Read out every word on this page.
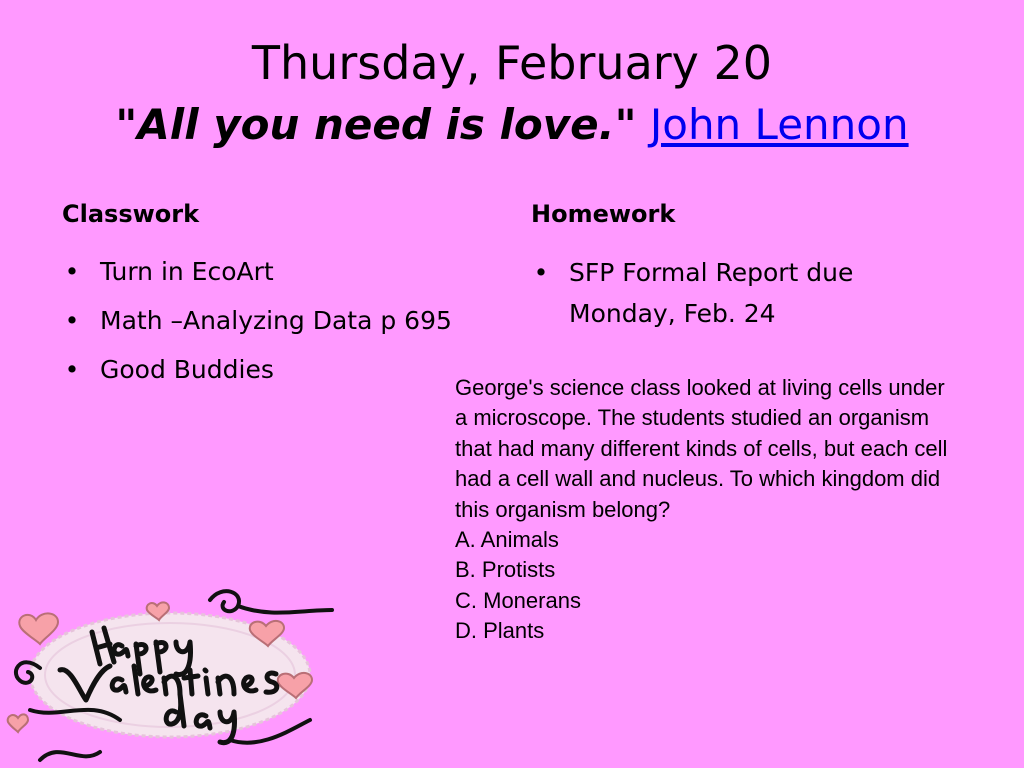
Thursday, February 20
"All you need is love." John Lennon
Classwork
• Turn in EcoArt
• Math –Analyzing Data p 695
• Good Buddies
Homework
• SFP Formal Report due Monday, Feb. 24
George's science class looked at living cells under a microscope. The students studied an organism that had many different kinds of cells, but each cell had a cell wall and nucleus. To which kingdom did this organism belong?
A. Animals
B. Protists
C. Monerans
D. Plants
